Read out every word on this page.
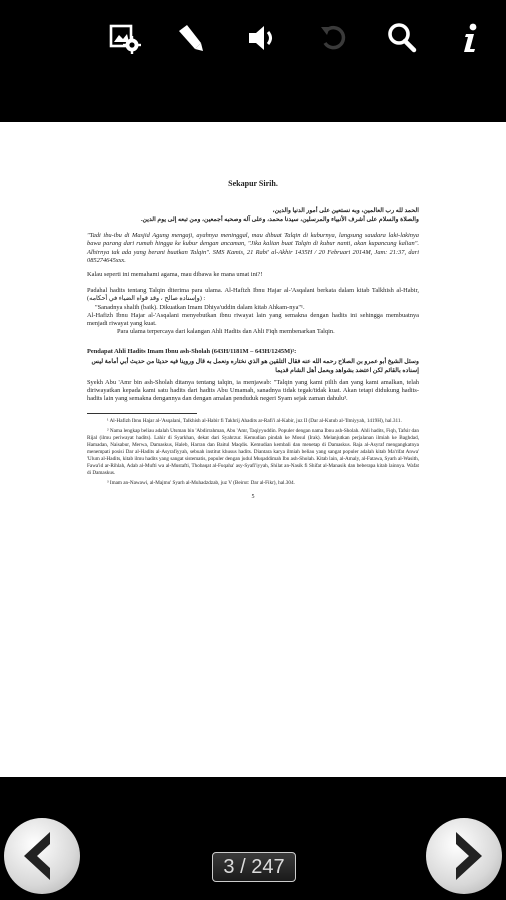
Sekapur Sirih.
الحمد لله رب العالمين، وبه نستعين على أمور الدنيا والدين،
والصلاة والسلام على أشرف الأنبياء والمرسلين، سيدنا محمد، وعلى آله وصحبه أجمعين، ومن تبعه إلى يوم الدين.

"Tadi ibu-ibu di Masjid Agung mengaji, ayahnya meninggal, mau dibuat Talqin di kuburnya, langsung saudara laki-lakinya bawa parang dari rumah hingga ke kubur dengan ancaman, "Jika kalian buat Talqin di kubur nanti, akan kupancung kalian". Alhirnya tak ada yang berani buatkan Talqin". SMS Kamis, 21 Rabi' al-Akhir 1435H / 20 Februari 2014M, Jam: 21:37, dari 085274645xxx.

Kalau seperti ini memahami agama, mau dibawa ke mana umat ini?!

Padahal hadits tentang Talqin diterima para ulama. Al-Hafizh Ibnu Hajar al-'Asqalani berkata dalam kitab Talkhish al-Habir, (وإسناده صالح ، وقد قواه الضياء في أحكامه) :

"Sanadnya shalih (baik). Dikuatkan Imam Dhiya'uddin dalam kitab Ahkam-nya"¹.

Al-Hafizh Ibnu Hajar al-'Asqalani menyebutkan ibnu riwayat lain yang semakna dengan hadits ini sehingga membuatnya menjadi riwayat yang kuat.

Para ulama terpercaya dari kalangan Ahli Hadits dan Ahli Fiqh membenarkan Talqin.

Pendapat Ahli Hadits Imam Ibnu ash-Sholah (643H/1181M – 643H/1245M)²:
وسئل الشيخ أبو عمرو بن الصلاح رحمه الله عنه فقال التلقين هو الذي نختاره ونعمل به قال وروينا فيه حديثا من حديث أبي أمامة ليس إسناده بالقائم لكن اعتضد بشواهد وبعمل أهل الشام قديما

Syekh Abu 'Amr bin ash-Sholah ditanya tentang talqin, ia menjawab: "Talqin yang kami pilih dan yang kami amalkan, telah diriwayatkan kepada kami satu hadits dari hadits Abu Umamah, sanadnya tidak tegak/tidak kuat. Akan tetapi didukung hadits-hadits lain yang semakna dengannya dan dengan amalan penduduk negeri Syam sejak zaman dahulu³.

¹ Al-Hafizh Ibnu Hajar al-'Asqalani, Talkhish al-Habir fi Takhrij Ahadits ar-Rafi'i al-Kabir, juz II (Dar al-Kutub al-'Ilmiyyah, 1419H), hal.311.
² Nama lengkap beliau adalah Utsman bin 'Abdirrahman, Abu 'Amr, Taqiyyuddin. Populer dengan nama Ibnu ash-Sholah. Ahli hadits, Fiqh, Tafsir dan Rijal (ilmu periwayat hadits). Lahir di Syarkhan, dekat dari Syahrzur. Kemudian pindah ke Mosul (Irak). Melanjutkan perjalanan ilmiah ke Baghdad, Hamadan, Naisabur, Merwa, Damaskus, Haleb, Harran dan Baitul Maqdis. Kemudian kembali dan menetap di Damaskus. Raja al-Asyraf mengangkatnya menempati posisi Dar al-Hadits al-Asyrafiyyah, sebuah institut khusus hadits. Diantara karya ilmiah beliau yang sangat populer adalah kitab Ma'rifat Anwa' 'Ulum al-Hadits, kitab ilmu hadits yang sangat sistematis, populer dengan judul Muqaddimah Ibn ash-Sholah. Kitab lain, al-Amaly, al-Fatawa, Syarh al-Wasith, Fawa'id ar-Rihlah, Adab al-Mufti wa al-Mustafti, Thobaqat al-Fuqaha' asy-Syafi'iyyah, Shilat an-Nasik fi Shifat al-Manasik dan beberapa kitab lainnya. Wafat di Damaskus.
³ Imam an-Nawawi, al-Majmu' Syarh al-Muhadzdzab, juz V (Beirut: Dar al-Fikr), hal.304.
5
3 / 247
